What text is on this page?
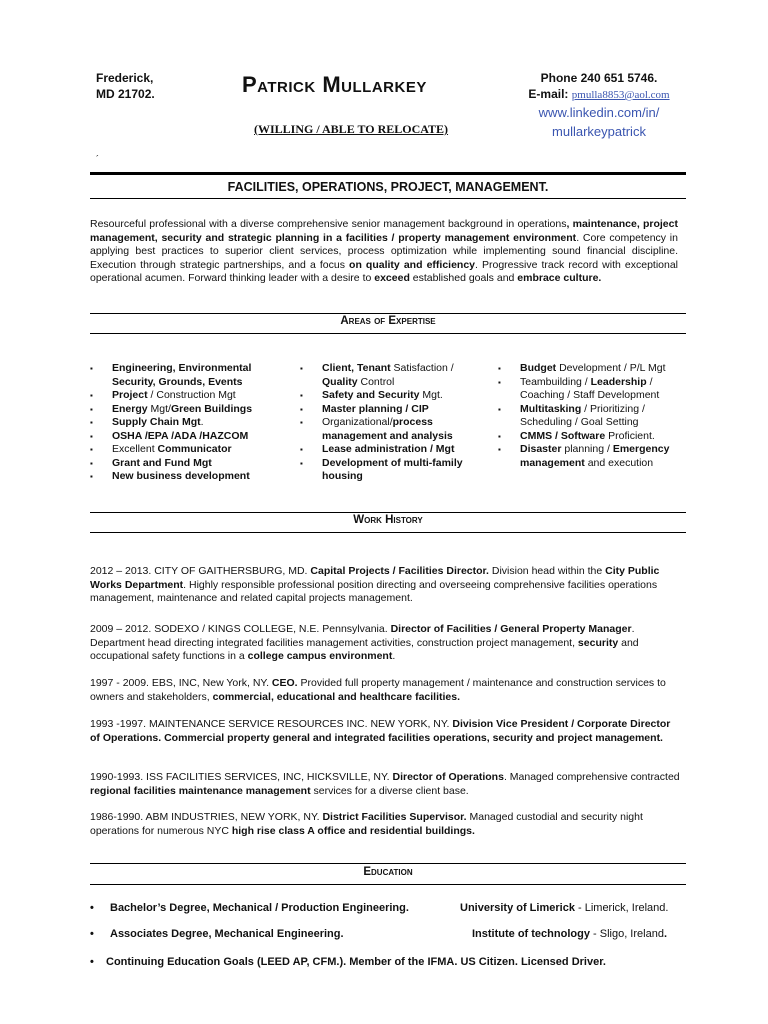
Frederick,
MD 21702.	Patrick Mullarkey
(WILLING / ABLE TO RELOCATE)
Phone 240 651 5746.
E-mail: pmulla8853@aol.com
www.linkedin.com/in/
mullarkeypatrick
´
FACILITIES, OPERATIONS, PROJECT, MANAGEMENT.
Resourceful professional with a diverse comprehensive senior management background in operations, maintenance, project management, security and strategic planning in a facilities / property management environment. Core competency in applying best practices to superior client services, process optimization while implementing sound financial discipline. Execution through strategic partnerships, and a focus on quality and efficiency. Progressive track record with exceptional operational acumen. Forward thinking leader with a desire to exceed established goals and embrace culture.
Areas of Expertise
▪ Engineering, Environmental Security, Grounds, Events
▪ Project / Construction Mgt
▪ Energy Mgt/Green Buildings
▪ Supply Chain Mgt.
▪ OSHA /EPA /ADA /HAZCOM
▪ Excellent Communicator
▪ Grant and Fund Mgt
▪ New business development
▪ Client, Tenant Satisfaction / Quality Control
▪ Safety and Security Mgt.
▪ Master planning / CIP
▪ Organizational/process management and analysis
▪ Lease administration / Mgt
▪ Development of multi-family housing
▪ Budget Development / P/L Mgt
▪ Teambuilding / Leadership / Coaching / Staff Development
▪ Multitasking / Prioritizing / Scheduling / Goal Setting
▪ CMMS / Software Proficient.
▪ Disaster planning / Emergency management and execution
Work History
2012 – 2013. CITY OF GAITHERSBURG, MD. Capital Projects / Facilities Director. Division head within the City Public Works Department. Highly responsible professional position directing and overseeing comprehensive facilities operations management, maintenance and related capital projects management.
2009 – 2012. SODEXO / KINGS COLLEGE, N.E. Pennsylvania. Director of Facilities / General Property Manager. Department head directing integrated facilities management activities, construction project management, security and occupational safety functions in a college campus environment.
1997 - 2009. EBS, INC, New York, NY. CEO. Provided full property management / maintenance and construction services to owners and stakeholders, commercial, educational and healthcare facilities.
1993 -1997. MAINTENANCE SERVICE RESOURCES INC. NEW YORK, NY. Division Vice President / Corporate Director of Operations. Commercial property general and integrated facilities operations, security and project management.
1990-1993. ISS FACILITIES SERVICES, INC, HICKSVILLE, NY. Director of Operations. Managed comprehensive contracted regional facilities maintenance management services for a diverse client base.
1986-1990. ABM INDUSTRIES, NEW YORK, NY. District Facilities Supervisor. Managed custodial and security night operations for numerous NYC high rise class A office and residential buildings.
Education
• Bachelor’s Degree, Mechanical / Production Engineering.	University of Limerick - Limerick, Ireland.
• Associates Degree, Mechanical Engineering.	Institute of technology - Sligo, Ireland.
• Continuing Education Goals (LEED AP, CFM.). Member of the IFMA. US Citizen. Licensed Driver.
